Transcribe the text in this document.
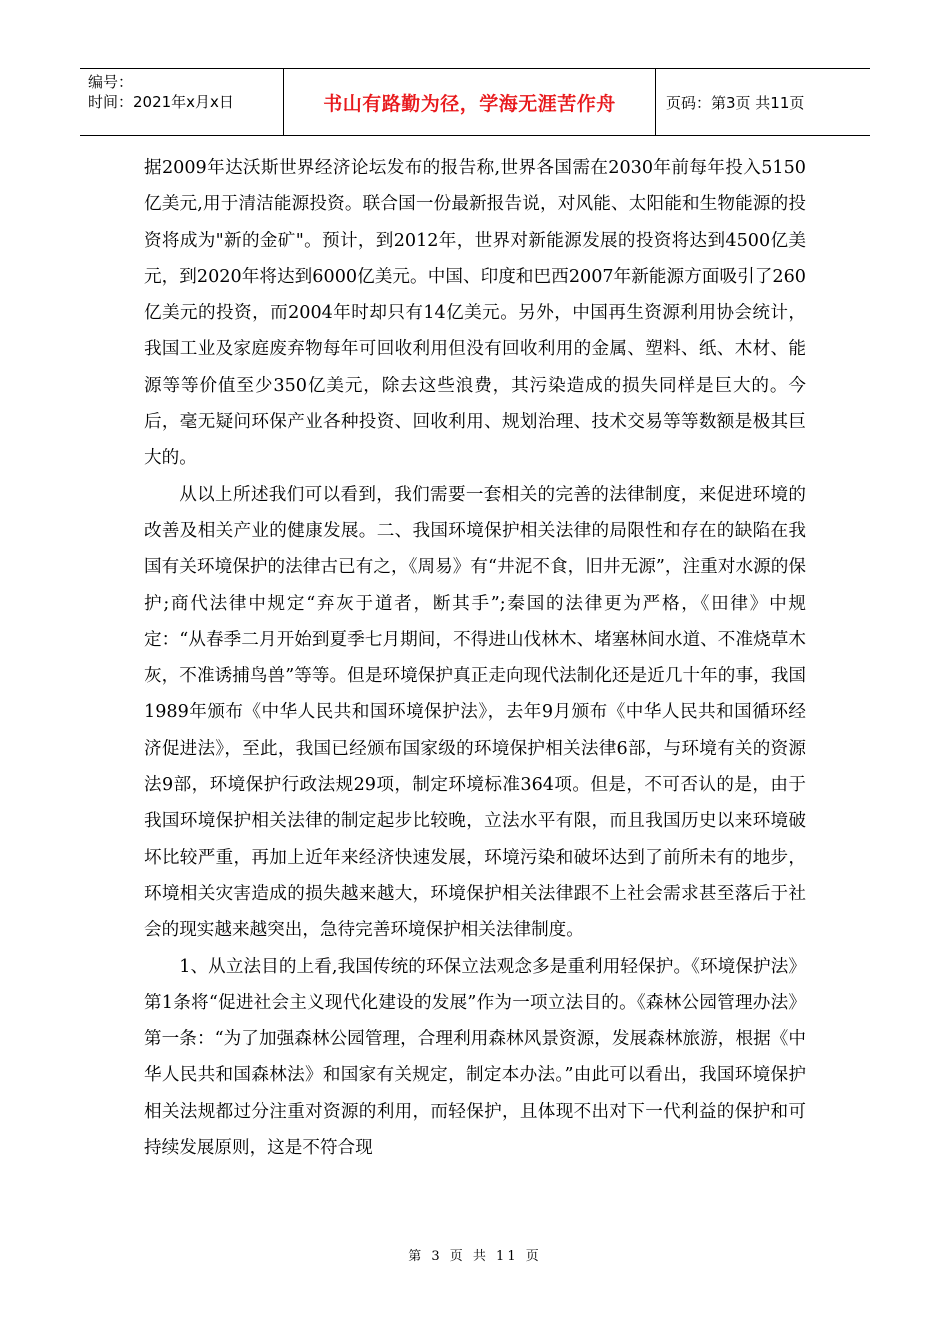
编号：
时间：2021年x月x日	书山有路勤为径，学海无涯苦作舟	页码：第3页 共11页

据2009年达沃斯世界经济论坛发布的报告称,世界各国需在2030年前每年投入5150亿美元,用于清洁能源投资。联合国一份最新报告说，对风能、太阳能和生物能源的投资将成为"新的金矿"。预计，到2012年，世界对新能源发展的投资将达到4500亿美元，到2020年将达到6000亿美元。中国、印度和巴西2007年新能源方面吸引了260亿美元的投资，而2004年时却只有14亿美元。另外，中国再生资源利用协会统计，我国工业及家庭废弃物每年可回收利用但没有回收利用的金属、塑料、纸、木材、能源等等价值至少350亿美元，除去这些浪费，其污染造成的损失同样是巨大的。今后，毫无疑问环保产业各种投资、回收利用、规划治理、技术交易等等数额是极其巨大的。

从以上所述我们可以看到，我们需要一套相关的完善的法律制度，来促进环境的改善及相关产业的健康发展。二、我国环境保护相关法律的局限性和存在的缺陷在我国有关环境保护的法律古已有之，《周易》有“井泥不食，旧井无源”，注重对水源的保护;商代法律中规定“弃灰于道者，断其手”;秦国的法律更为严格，《田律》中规定：“从春季二月开始到夏季七月期间，不得进山伐林木、堵塞林间水道、不准烧草木灰，不准诱捕鸟兽”等等。但是环境保护真正走向现代法制化还是近几十年的事，我国1989年颁布《中华人民共和国环境保护法》，去年9月颁布《中华人民共和国循环经济促进法》，至此，我国已经颁布国家级的环境保护相关法律6部，与环境有关的资源法9部，环境保护行政法规29项，制定环境标准364项。但是，不可否认的是，由于我国环境保护相关法律的制定起步比较晚，立法水平有限，而且我国历史以来环境破坏比较严重，再加上近年来经济快速发展，环境污染和破坏达到了前所未有的地步，环境相关灾害造成的损失越来越大，环境保护相关法律跟不上社会需求甚至落后于社会的现实越来越突出，急待完善环境保护相关法律制度。

1、从立法目的上看,我国传统的环保立法观念多是重利用轻保护。《环境保护法》第1条将“促进社会主义现代化建设的发展”作为一项立法目的。《森林公园管理办法》第一条：“为了加强森林公园管理，合理利用森林风景资源，发展森林旅游，根据《中华人民共和国森林法》和国家有关规定，制定本办法。”由此可以看出，我国环境保护相关法规都过分注重对资源的利用，而轻保护，且体现不出对下一代利益的保护和可持续发展原则，这是不符合现

第 3 页 共 11 页
